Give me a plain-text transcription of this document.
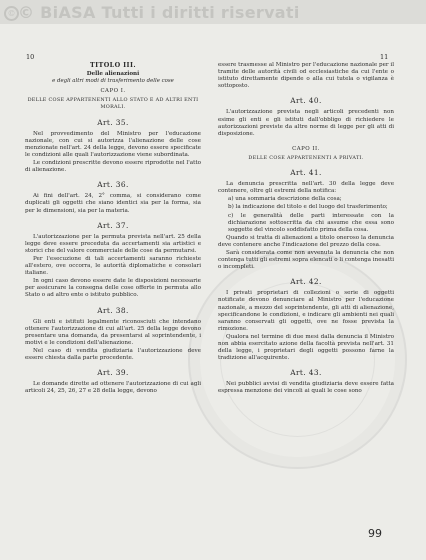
© © BiASA Tutti i diritti riservati
10	11
TITOLO III.
Delle alienazioni
e degli altri modi di trasferimento delle cose
CAPO I.
DELLE COSE APPARTENENTI ALLO STATO E AD ALTRI ENTI MORALI.
Art. 35.

Nel provvedimento del Ministro per l'educazione nazionale, con cui si autorizza l'alienazione delle cose menzionate nell'art. 24 della legge, devono essere specificate le condizioni alle quali l'autorizzazione viene subordinata.

Le condizioni prescritte devono essere riprodotte nel l'atto di alienazione.

Art. 36.

Ai fini dell'art. 24, 2° comma, si considerano come duplicati gli oggetti che siano identici sia per la forma, sia per le dimensioni, sia per la materia.

Art. 37.

L'autorizzazione per la permuta prevista nell'art. 25 della legge deve essere preceduta da accertamenti sia artistici e storici che del valore commerciale delle cose da permutarsi.

Per l'esecuzione di tali accertamenti saranno richieste all'estero, ove occorra, le autorità diplomatiche e consolari italiane.

In ogni caso devono essere date le disposizioni necessarie per assicurare la consegna delle cose offerte in permuta allo Stato o ad altro ente o istituto pubblico.

Art. 38.

Gli enti e istituti legalmente riconosciuti che intendano ottenere l'autorizzazione di cui all'art. 25 della legge devono presentare una domanda, da presentarsi al soprintendente, i motivi e le condizioni dell'alienazione.

Nel caso di vendita giudiziaria l'autorizzazione deve essere chiesta dalla parte procedente.

Art. 39.

Le domande dirette ad ottenere l'autorizzazione di cui agli articoli 24, 25, 26, 27 e 28 della legge, devono

essere trasmesse al Ministro per l'educazione nazionale per il tramite delle autorità civili od ecclesiastiche da cui l'ente o istituto direttamente dipende o alla cui tutela o vigilanza è sottoposto.

Art. 40.

L'autorizzazione prevista negli articoli precedenti non esime gli enti e gli istituti dall'obbligo di richiedere le autorizzazioni previste da altre norme di legge per gli atti di disposizione.

CAPO II.
DELLE COSE APPARTENENTI A PRIVATI.
Art. 41.

La denuncia prescritta nell'art. 30 della legge deve contenere, oltre gli estremi della notifica:

a) una sommaria descrizione della cosa;

b) la indicazione del titolo e del luogo del trasferimento;

c) le generalità delle parti interessate con la dichiarazione sottoscritta da chi assume che essa sono soggette del vincolo soddisfatto prima della cosa.

Quando si tratta di alienazioni a titolo oneroso la denuncia deve contenere anche l'indicazione del prezzo della cosa.

Sarà considerata come non avvenuta la denuncia che non contenga tutti gli estremi sopra elencati o li contenga inesatti o incompleti.

Art. 42.

I privati proprietari di collezioni o serie di oggetti notificate devono denunciare al Ministro per l'educazione nazionale, a mezzo del soprintendente, gli atti di alienazione, specificandone le condizioni, e indicare gli ambienti nei quali saranno conservati gli oggetti, ove ne fosse prevista la rimozione.

Qualora nel termine di due mesi dalla denuncia il Ministro non abbia esercitato azione della facoltà prevista nell'art. 31 della legge, i proprietari degli oggetti possono farne la tradizione all'acquirente.

Art. 43.

Nei pubblici avvisi di vendita giudiziaria deve essere fatta espressa menzione dei vincoli ai quali le cose sono

99
